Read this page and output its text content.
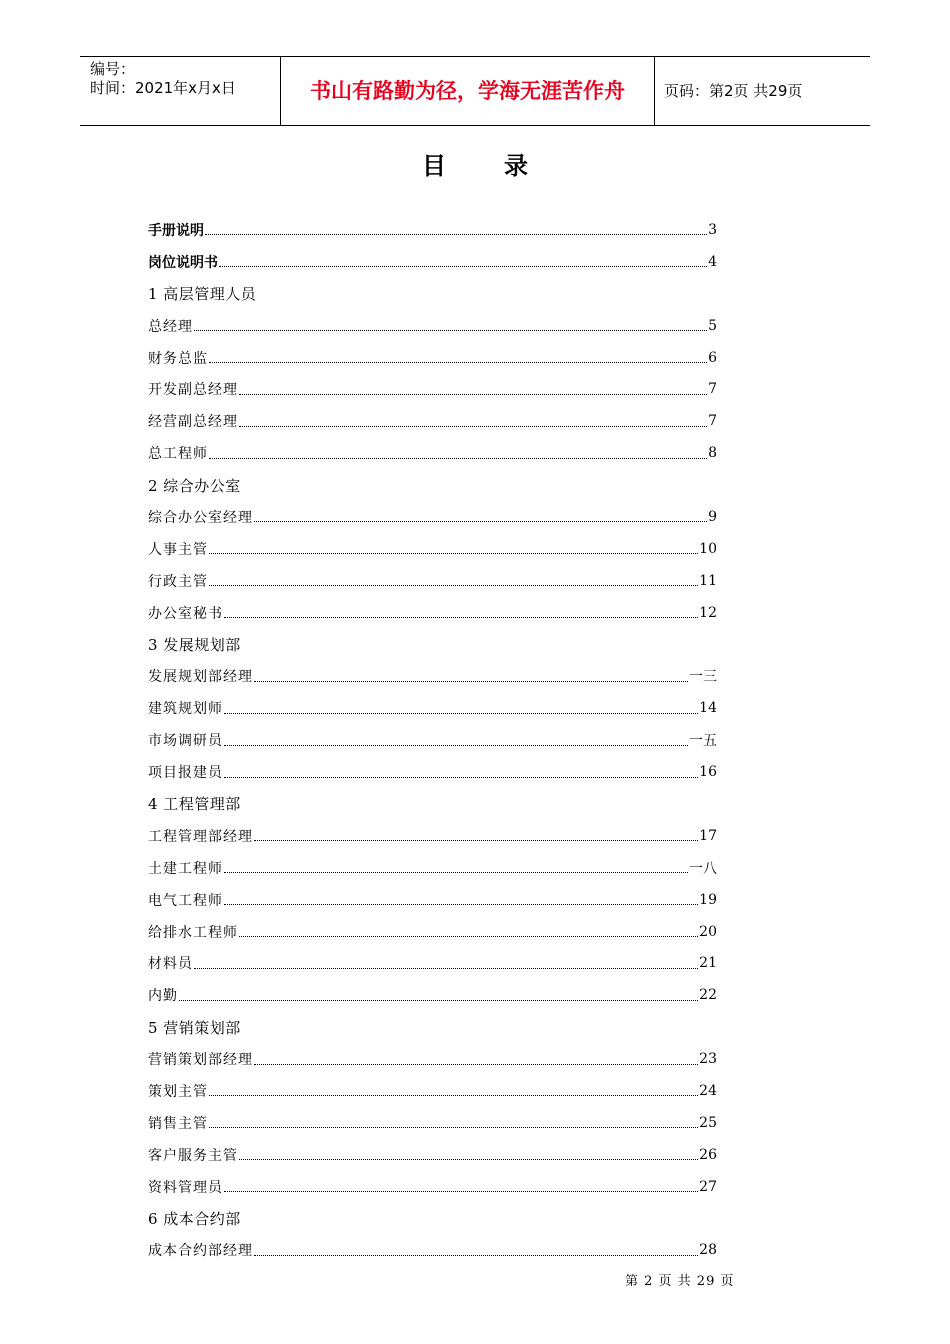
编号：
时间：2021年x月x日	书山有路勤为径，学海无涯苦作舟	页码：第2页 共29页
目 录
手册说明	3
岗位说明书	4
1 高层管理人员
总经理	5
财务总监	6
开发副总经理	7
经营副总经理	7
总工程师	8
2 综合办公室
综合办公室经理	9
人事主管	10
行政主管	11
办公室秘书	12
3 发展规划部
发展规划部经理	一三
建筑规划师	14
市场调研员	一五
项目报建员	16
4 工程管理部
工程管理部经理	17
土建工程师	一八
电气工程师	19
给排水工程师	20
材料员	21
内勤	22
5 营销策划部
营销策划部经理	23
策划主管	24
销售主管	25
客户服务主管	26
资料管理员	27
6 成本合约部
成本合约部经理	28
第 2 页 共 29 页
